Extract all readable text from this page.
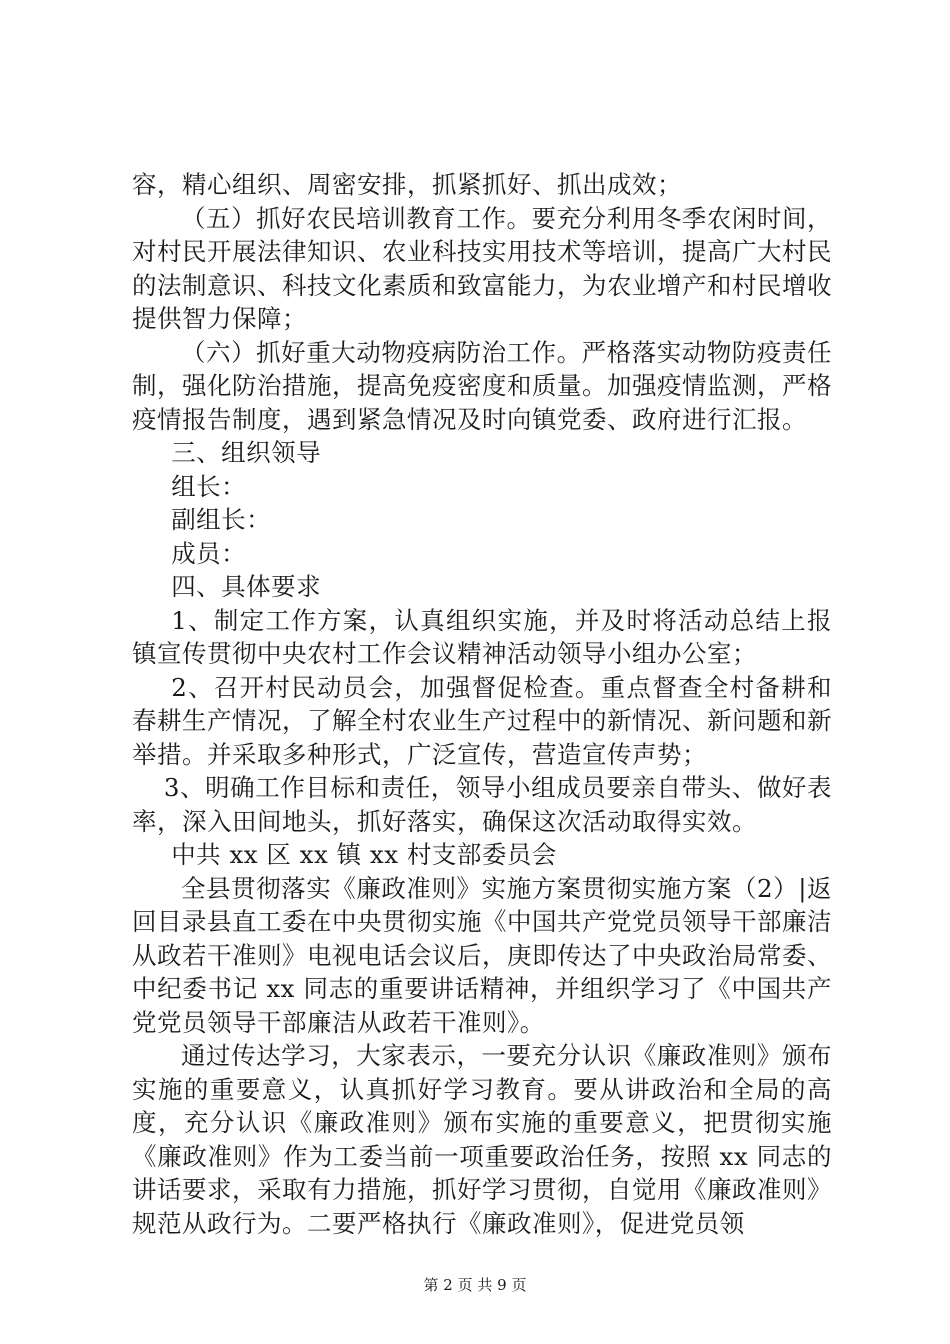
容，精心组织、周密安排，抓紧抓好、抓出成效；

（五）抓好农民培训教育工作。要充分利用冬季农闲时间，对村民开展法律知识、农业科技实用技术等培训，提高广大村民的法制意识、科技文化素质和致富能力，为农业增产和村民增收提供智力保障；

（六）抓好重大动物疫病防治工作。严格落实动物防疫责任制，强化防治措施，提高免疫密度和质量。加强疫情监测，严格疫情报告制度，遇到紧急情况及时向镇党委、政府进行汇报。

三、组织领导

组长：

副组长：

成员：

四、具体要求

1、制定工作方案，认真组织实施，并及时将活动总结上报镇宣传贯彻中央农村工作会议精神活动领导小组办公室；

2、召开村民动员会，加强督促检查。重点督查全村备耕和春耕生产情况，了解全村农业生产过程中的新情况、新问题和新举措。并采取多种形式，广泛宣传，营造宣传声势；

3、明确工作目标和责任，领导小组成员要亲自带头、做好表率，深入田间地头，抓好落实，确保这次活动取得实效。

中共 xx 区 xx 镇 xx 村支部委员会

全县贯彻落实《廉政准则》实施方案贯彻实施方案（2）|返回目录县直工委在中央贯彻实施《中国共产党党员领导干部廉洁从政若干准则》电视电话会议后，庚即传达了中央政治局常委、中纪委书记 xx 同志的重要讲话精神，并组织学习了《中国共产党党员领导干部廉洁从政若干准则》。

通过传达学习，大家表示，一要充分认识《廉政准则》颁布实施的重要意义，认真抓好学习教育。要从讲政治和全局的高度，充分认识《廉政准则》颁布实施的重要意义，把贯彻实施《廉政准则》作为工委当前一项重要政治任务，按照 xx 同志的讲话要求，采取有力措施，抓好学习贯彻，自觉用《廉政准则》规范从政行为。二要严格执行《廉政准则》，促进党员领

第 2 页 共 9 页
